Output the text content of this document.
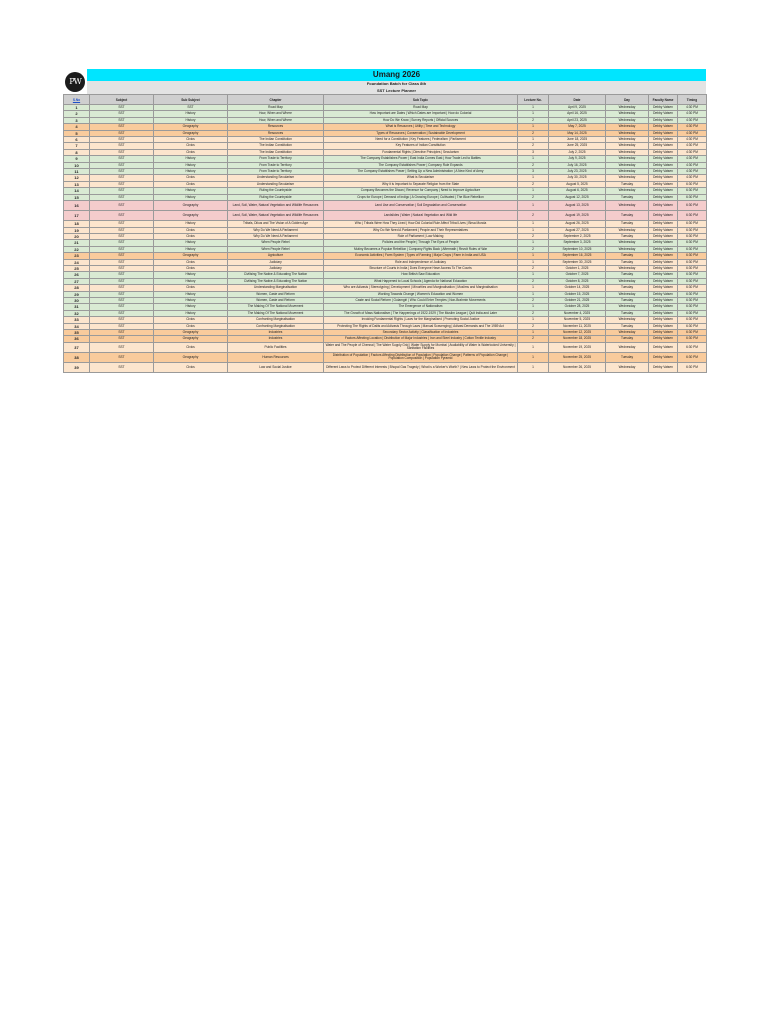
PW
Umang 2026
Foundation Batch for Class 8th
SST Lecture Planner
S.No	Subject	Sub Subject	Chapter	Sub Topic	Lecture No.	Date	Day	Faculty Name	Timing
1	SST	SST	Road Map	Road Map	1	April 9, 2025	Wednesday	Debby Vatsen	4:30 PM
2	SST	History	How, When and Where	How Important are Dates | Which Dates are Important | How do Colonial	1	April 16, 2025	Wednesday	Debby Vatsen	4:30 PM
3	SST	History	How, When and Where	How Do We Know | Survey Reports | Official Sources	2	April 23, 2025	Wednesday	Debby Vatsen	4:30 PM
4	SST	Geography	Resources	What is Resources | Utility | Time and Technology	1	May 7, 2025	Wednesday	Debby Vatsen	4:30 PM
5	SST	Geography	Resources	Types of Resources | Conservation | Sustainable Development	2	May 14, 2025	Wednesday	Debby Vatsen	4:30 PM
6	SST	Civics	The Indian Constitution	Need for a Constitution | Key Features | Federalism | Parliament	1	June 18, 2025	Wednesday	Debby Vatsen	4:30 PM
7	SST	Civics	The Indian Constitution	Key Features of Indian Constitution	2	June 25, 2025	Wednesday	Debby Vatsen	4:30 PM
8	SST	Civics	The Indian Constitution	Fundamental Rights | Directive Principles | Secularism	3	July 2, 2025	Wednesday	Debby Vatsen	4:30 PM
9	SST	History	From Trade to Territory	The Company Establishes Power | East India Comes East | How Trade Led to Battles	1	July 9, 2025	Wednesday	Debby Vatsen	4:30 PM
10	SST	History	From Trade to Territory	The Company Establishes Power | Company Rule Expands	2	July 16, 2025	Wednesday	Debby Vatsen	4:30 PM
11	SST	History	From Trade to Territory	The Company Establishes Power | Setting Up a New Administration | A New Kind of Army	3	July 23, 2025	Wednesday	Debby Vatsen	4:30 PM
12	SST	Civics	Understanding Secularism	What is Secularism	1	July 30, 2025	Wednesday	Debby Vatsen	4:30 PM
13	SST	Civics	Understanding Secularism	Why it is Important to Separate Religion from the State	2	August 5, 2025	Tuesday	Debby Vatsen	6:30 PM
14	SST	History	Ruling the Countryside	Company Becomes the Diwan | Revenue for Company | Need to Improve Agriculture	1	August 6, 2025	Wednesday	Debby Vatsen	6:30 PM
15	SST	History	Ruling the Countryside	Crops for Europe | Demand of Indigo | A Growing Europe | Cultivated | The Blue Rebellion	2	August 12, 2025	Tuesday	Debby Vatsen	6:30 PM
16	SST	Geography	Land, Soil, Water, Natural Vegetation and Wildlife Resources	Land Use and Conservation | Soil Degradation and Conservation	1	August 13, 2025	Wednesday	Debby Vatsen	6:30 PM
17	SST	Geography	Land, Soil, Water, Natural Vegetation and Wildlife Resources	Landslides | Water | Natural Vegetation and Wild life	2	August 19, 2025	Tuesday	Debby Vatsen	6:30 PM
18	SST	History	Tribals, Dikus and The Vision of A Golden Age	Who | Tribals Were How They Lived | How Did Colonial Rule Affect Tribal Lives | Birsa Munda	1	August 26, 2025	Tuesday	Debby Vatsen	6:30 PM
19	SST	Civics	Why Do We Need A Parliament	Why Do We Need A Parliament | People and Their Representatives	1	August 27, 2025	Wednesday	Debby Vatsen	6:30 PM
20	SST	Civics	Why Do We Need A Parliament	Role of Parliament | Law Making	2	September 2, 2025	Tuesday	Debby Vatsen	6:30 PM
21	SST	History	When People Rebel	Policies and the People | Through The Eyes of People	1	September 3, 2025	Wednesday	Debby Vatsen	6:30 PM
22	SST	History	When People Rebel	Mutiny Becomes a Popular Rebellion | Company Fights Back | Aftermath | Revolt Rules of War	2	September 10, 2025	Wednesday	Debby Vatsen	6:30 PM
23	SST	Geography	Agriculture	Economic Activities | Farm System | Types of Farming | Major Crops | Farm in India and USA	1	September 16, 2025	Tuesday	Debby Vatsen	6:30 PM
24	SST	Civics	Judiciary	Role and Independence of Judiciary	1	September 30, 2025	Tuesday	Debby Vatsen	6:30 PM
25	SST	Civics	Judiciary	Structure of Courts in India | Does Everyone Have Access To The Courts	2	October 1, 2025	Wednesday	Debby Vatsen	6:30 PM
26	SST	History	Civilising The Native & Educating The Nation	How British Saw Education	1	October 7, 2025	Tuesday	Debby Vatsen	6:30 PM
27	SST	History	Civilising The Native & Educating The Nation	What Happened to Local Schools | Agenda for National Education	2	October 8, 2025	Wednesday	Debby Vatsen	6:30 PM
28	SST	Civics	Understanding Marginalisation	Who are Adivasis | Stereotyping | Development | Minorities and Marginalisation | Muslims and Marginalisation	1	October 14, 2025	Tuesday	Debby Vatsen	6:30 PM
29	SST	History	Women, Caste and Reform	Working Towards Change | Women's Education and Women	1	October 15, 2025	Wednesday	Debby Vatsen	6:30 PM
30	SST	History	Women, Caste and Reform	Caste and Social Reform | Gulamgiri | Who Could Enter Temples | Non-Brahmin Movements	2	October 21, 2025	Tuesday	Debby Vatsen	6:30 PM
31	SST	History	The Making Of The National Movement	The Emergence of Nationalism	1	October 28, 2025	Wednesday	Debby Vatsen	6:30 PM
32	SST	History	The Making Of The National Movement	The Growth of Mass Nationalism | The Happenings of 1922-1929 | The Muslim League | Quit India and Later	2	November 4, 2025	Tuesday	Debby Vatsen	6:30 PM
33	SST	Civics	Confronting Marginalisation	Invoking Fundamental Rights | Laws for the Marginalised | Promoting Social Justice	1	November 5, 2025	Wednesday	Debby Vatsen	6:30 PM
34	SST	Civics	Confronting Marginalisation	Protecting The Rights of Dalits and Adivasis Through Laws | Manual Scavenging | Adivasi Demands and The 1989 Act	2	November 11, 2025	Tuesday	Debby Vatsen	6:30 PM
35	SST	Geography	Industries	Secondary Sector Activity | Classification of Industries	1	November 12, 2025	Wednesday	Debby Vatsen	6:30 PM
36	SST	Geography	Industries	Factors Affecting Location | Distribution of Major Industries | Iron and Steel Industry | Cotton Textile Industry	2	November 18, 2025	Tuesday	Debby Vatsen	6:30 PM
37	SST	Civics	Public Facilities	Water and The People of Chennai | The Water Supply Grid | Water Supply for Mumbai | Availability of Water is Waterlocked University | Sanitation Facilities	1	November 19, 2025	Wednesday	Debby Vatsen	6:30 PM
38	SST	Geography	Human Resources	Distribution of Population | Factors Affecting Distribution of Population | Population Change | Patterns of Population Change | Population Composition | Population Pyramid	1	November 25, 2025	Tuesday	Debby Vatsen	6:30 PM
39	SST	Civics	Law and Social Justice	Different Laws to Protect Different Interests | Bhopal Gas Tragedy | What is a Worker's Worth? | New Laws to Protect the Environment	1	November 26, 2025	Wednesday	Debby Vatsen	6:30 PM
